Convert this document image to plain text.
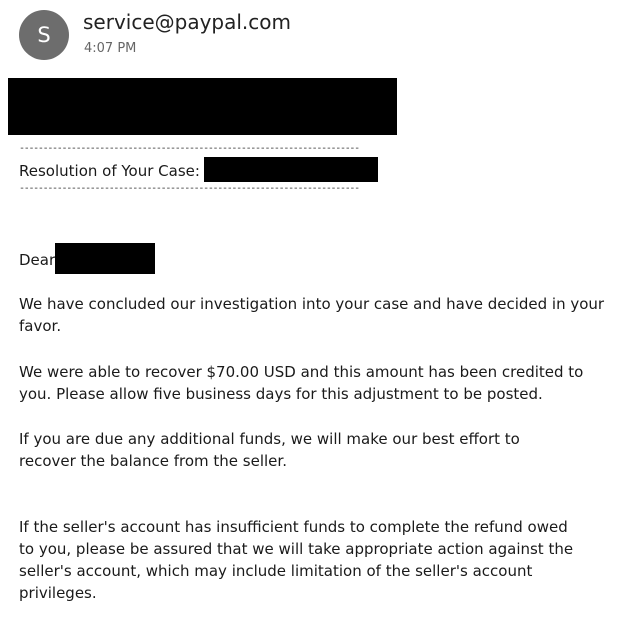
S
service@paypal.com
4:07 PM
------------------------------------------------------------------------
Resolution of Your Case:
------------------------------------------------------------------------
Dear
We have concluded our investigation into your case and have decided in your favor.
We were able to recover $70.00 USD and this amount has been credited to you. Please allow five business days for this adjustment to be posted.
If you are due any additional funds, we will make our best effort to recover the balance from the seller.
If the seller's account has insufficient funds to complete the refund owed to you, please be assured that we will take appropriate action against the seller's account, which may include limitation of the seller's account privileges.
